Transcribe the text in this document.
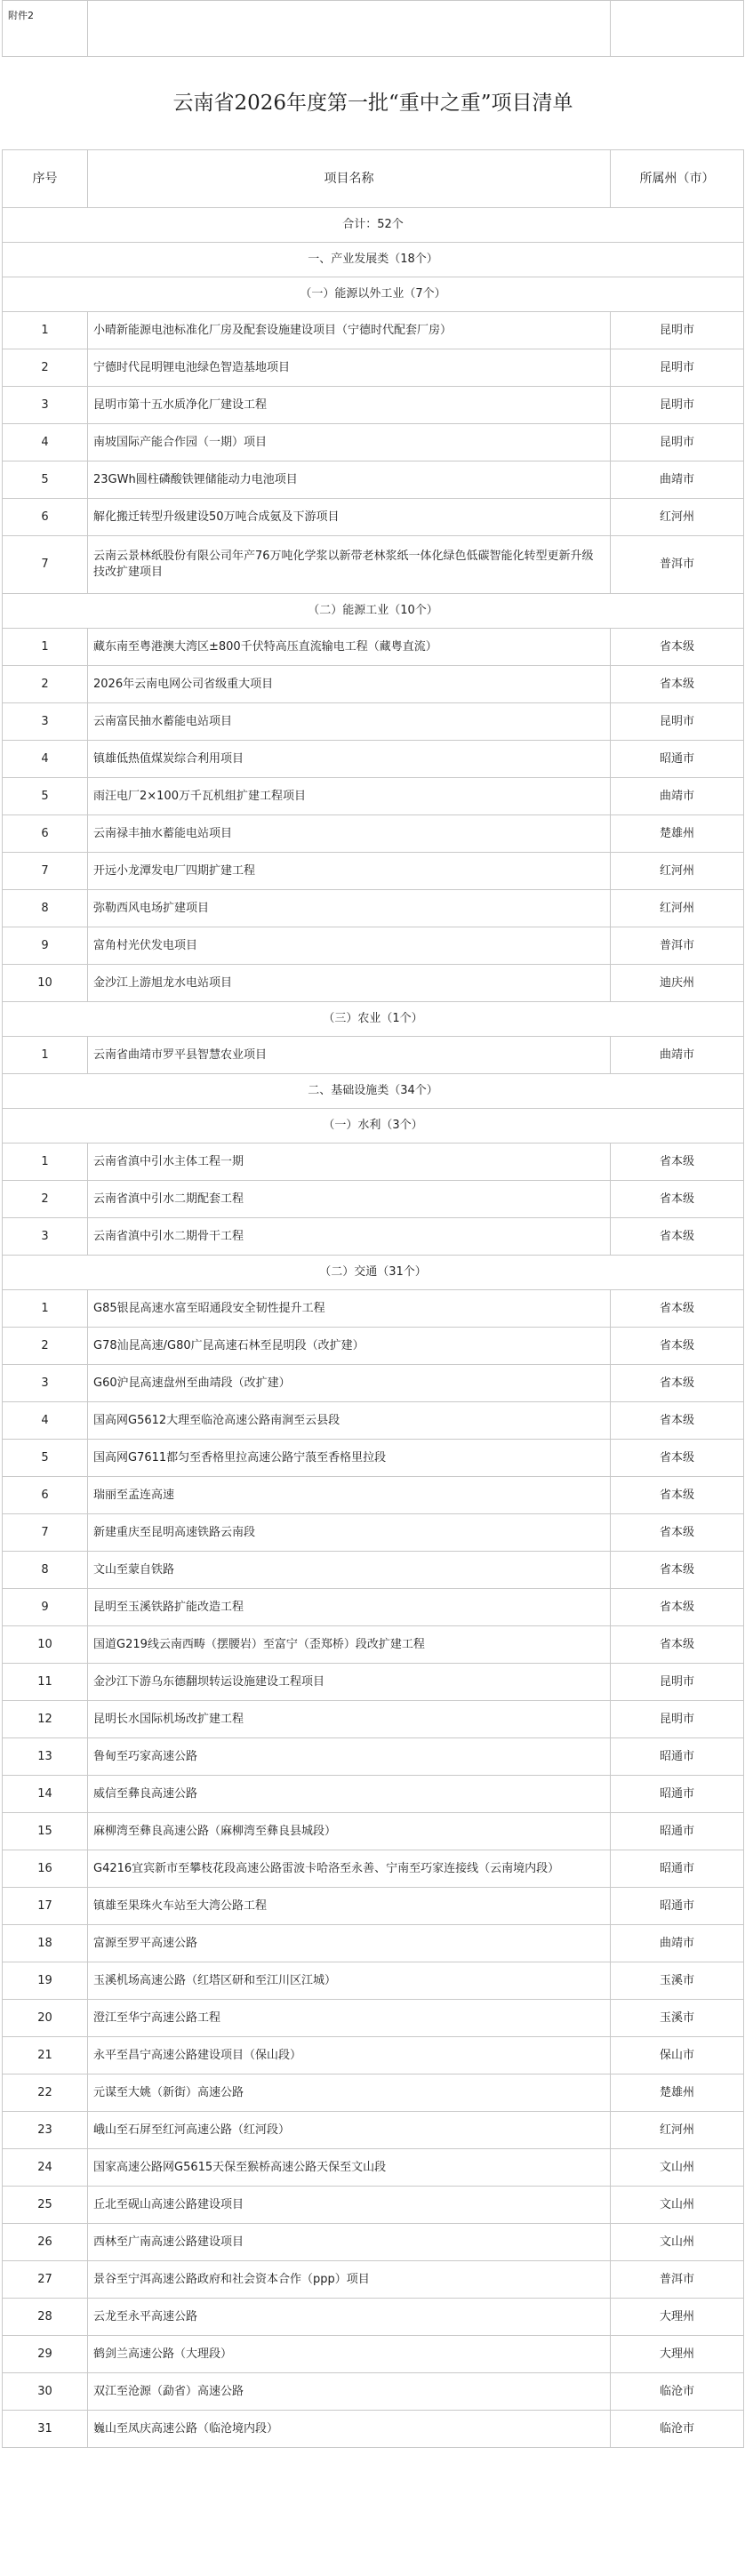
附件2		
云南省2026年度第一批“重中之重”项目清单		
序号	项目名称	所属州（市）
合计：52个		
一、产业发展类（18个）		
（一）能源以外工业（7个）		
1	小晴新能源电池标准化厂房及配套设施建设项目（宁德时代配套厂房）	昆明市
2	宁德时代昆明锂电池绿色智造基地项目	昆明市
3	昆明市第十五水质净化厂建设工程	昆明市
4	南坡国际产能合作园（一期）项目	昆明市
5	23GWh圆柱磷酸铁锂储能动力电池项目	曲靖市
6	解化搬迁转型升级建设50万吨合成氨及下游项目	红河州
7	云南云景林纸股份有限公司年产76万吨化学浆以新带老林浆纸一体化绿色低碳智能化转型更新升级技改扩建项目	普洱市
（二）能源工业（10个）		
1	藏东南至粤港澳大湾区±800千伏特高压直流输电工程（藏粤直流）	省本级
2	2026年云南电网公司省级重大项目	省本级
3	云南富民抽水蓄能电站项目	昆明市
4	镇雄低热值煤炭综合利用项目	昭通市
5	雨汪电厂2×100万千瓦机组扩建工程项目	曲靖市
6	云南禄丰抽水蓄能电站项目	楚雄州
7	开远小龙潭发电厂四期扩建工程	红河州
8	弥勒西风电场扩建项目	红河州
9	富角村光伏发电项目	普洱市
10	金沙江上游旭龙水电站项目	迪庆州
（三）农业（1个）		
1	云南省曲靖市罗平县智慧农业项目	曲靖市
二、基础设施类（34个）		
（一）水利（3个）		
1	云南省滇中引水主体工程一期	省本级
2	云南省滇中引水二期配套工程	省本级
3	云南省滇中引水二期骨干工程	省本级
（二）交通（31个）		
1	G85银昆高速水富至昭通段安全韧性提升工程	省本级
2	G78汕昆高速/G80广昆高速石林至昆明段（改扩建）	省本级
3	G60沪昆高速盘州至曲靖段（改扩建）	省本级
4	国高网G5612大理至临沧高速公路南涧至云县段	省本级
5	国高网G7611都匀至香格里拉高速公路宁蒗至香格里拉段	省本级
6	瑞丽至孟连高速	省本级
7	新建重庆至昆明高速铁路云南段	省本级
8	文山至蒙自铁路	省本级
9	昆明至玉溪铁路扩能改造工程	省本级
10	国道G219线云南西畴（摆腰岩）至富宁（歪郑桥）段改扩建工程	省本级
11	金沙江下游乌东德翻坝转运设施建设工程项目	昆明市
12	昆明长水国际机场改扩建工程	昆明市
13	鲁甸至巧家高速公路	昭通市
14	威信至彝良高速公路	昭通市
15	麻柳湾至彝良高速公路（麻柳湾至彝良县城段）	昭通市
16	G4216宜宾新市至攀枝花段高速公路雷波卡哈洛至永善、宁南至巧家连接线（云南境内段）	昭通市
17	镇雄至果珠火车站至大湾公路工程	昭通市
18	富源至罗平高速公路	曲靖市
19	玉溪机场高速公路（红塔区研和至江川区江城）	玉溪市
20	澄江至华宁高速公路工程	玉溪市
21	永平至昌宁高速公路建设项目（保山段）	保山市
22	元谋至大姚（新街）高速公路	楚雄州
23	峨山至石屏至红河高速公路（红河段）	红河州
24	国家高速公路网G5615天保至猴桥高速公路天保至文山段	文山州
25	丘北至砚山高速公路建设项目	文山州
26	西林至广南高速公路建设项目	文山州
27	景谷至宁洱高速公路政府和社会资本合作（ppp）项目	普洱市
28	云龙至永平高速公路	大理州
29	鹤剑兰高速公路（大理段）	大理州
30	双江至沧源（勐省）高速公路	临沧市
31	巍山至凤庆高速公路（临沧境内段）	临沧市
